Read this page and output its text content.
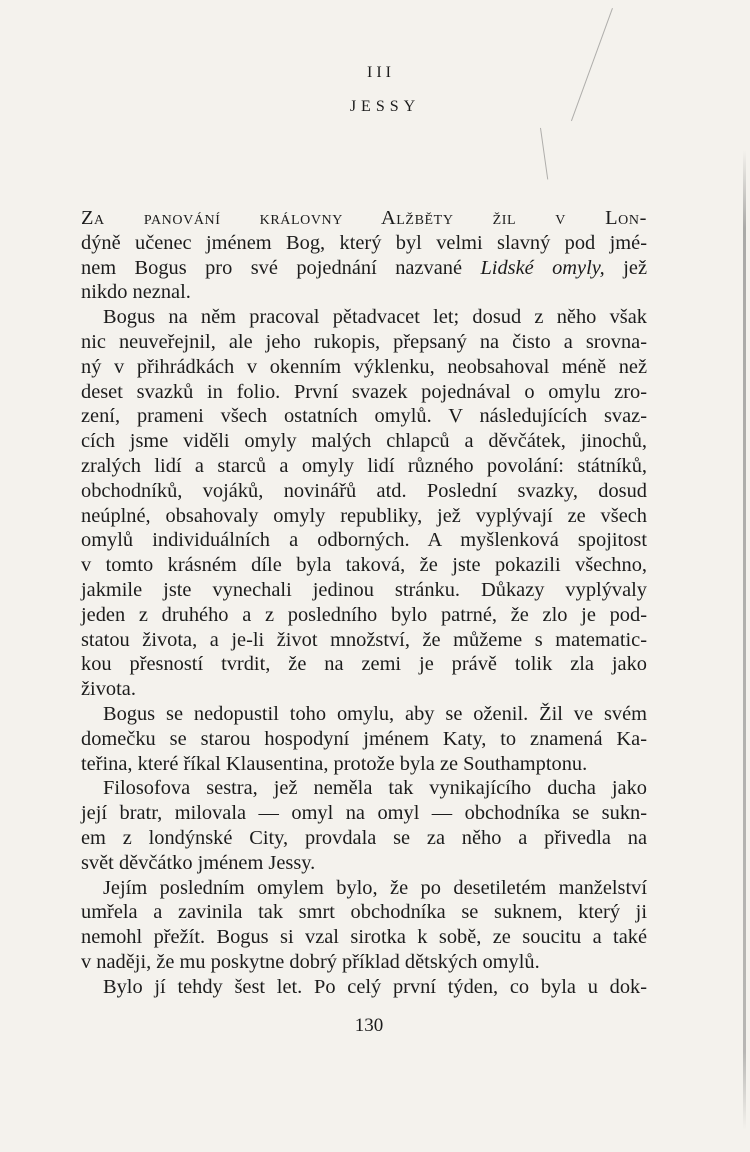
III
JESSY

Za panování královny Alžběty žil v Lon-

dýně učenec jménem Bog, který byl velmi slavný pod jmé-

nem Bogus pro své pojednání nazvané Lidské omyly, jež

nikdo neznal.

Bogus na něm pracoval pětadvacet let; dosud z něho však

nic neuveřejnil, ale jeho rukopis, přepsaný na čisto a srovna-

ný v přihrádkách v okenním výklenku, neobsahoval méně než

deset svazků in folio. První svazek pojednával o omylu zro-

zení, prameni všech ostatních omylů. V následujících svaz-

cích jsme viděli omyly malých chlapců a děvčátek, jinochů,

zralých lidí a starců a omyly lidí různého povolání: státníků,

obchodníků, vojáků, novinářů atd. Poslední svazky, dosud

neúplné, obsahovaly omyly republiky, jež vyplývají ze všech

omylů individuálních a odborných. A myšlenková spojitost

v tomto krásném díle byla taková, že jste pokazili všechno,

jakmile jste vynechali jedinou stránku. Důkazy vyplývaly

jeden z druhého a z posledního bylo patrné, že zlo je pod-

statou života, a je-li život množství, že můžeme s matematic-

kou přesností tvrdit, že na zemi je právě tolik zla jako

života.

Bogus se nedopustil toho omylu, aby se oženil. Žil ve svém

domečku se starou hospodyní jménem Katy, to znamená Ka-

teřina, které říkal Klausentina, protože byla ze Southamptonu.

Filosofova sestra, jež neměla tak vynikajícího ducha jako

její bratr, milovala — omyl na omyl — obchodníka se sukn-

em z londýnské City, provdala se za něho a přivedla na

svět děvčátko jménem Jessy.

Jejím posledním omylem bylo, že po desetiletém manželství

umřela a zavinila tak smrt obchodníka se suknem, který ji

nemohl přežít. Bogus si vzal sirotka k sobě, ze soucitu a také

v naději, že mu poskytne dobrý příklad dětských omylů.

Bylo jí tehdy šest let. Po celý první týden, co byla u dok-

130
